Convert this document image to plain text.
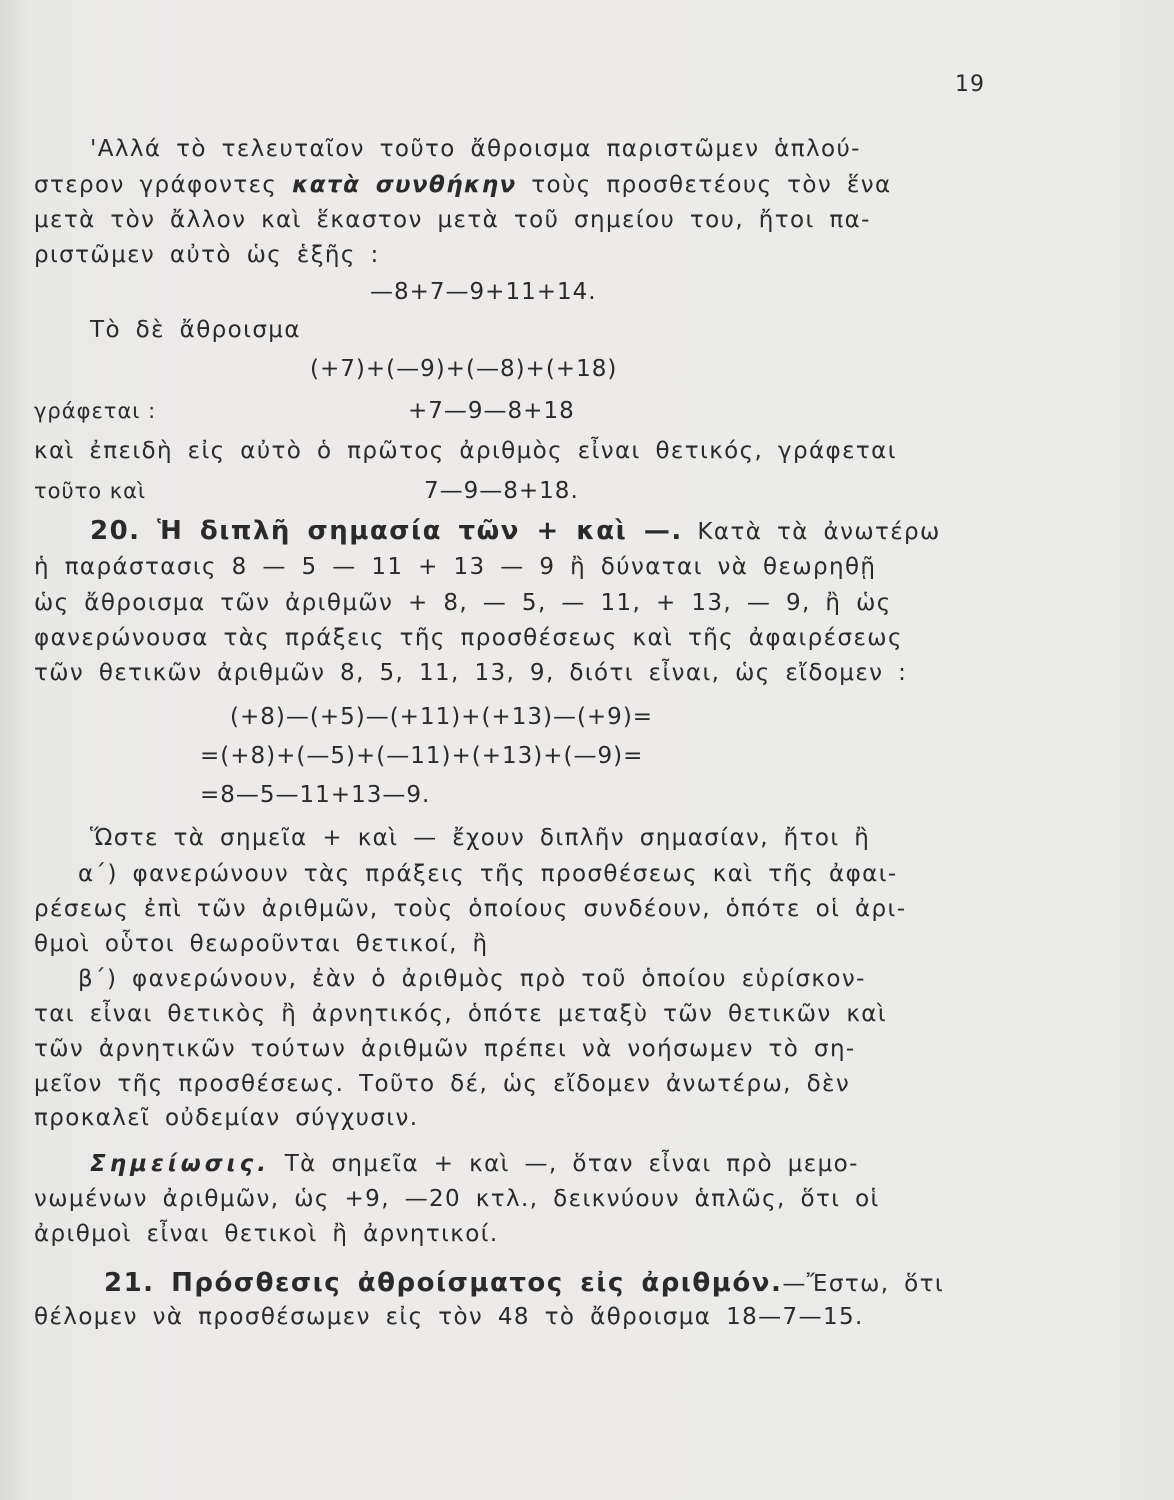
19
'Αλλά τὸ τελευταῖον τοῦτο ἄθροισμα παριστῶμεν ἁπλού-
στερον γράφοντες κατὰ συνθήκην τοὺς προσθετέους τὸν ἕνα
μετὰ τὸν ἄλλον καὶ ἕκαστον μετὰ τοῦ σημείου του, ἤτοι πα-
ριστῶμεν αὐτὸ ὡς ἑξῆς :
—8+7—9+11+14.
Τὸ δὲ ἄθροισμα
(+7)+(—9)+(—8)+(+18)
γράφεται :	+7—9—8+18
καὶ ἐπειδὴ εἰς αὐτὸ ὁ πρῶτος ἀριθμὸς εἶναι θετικός, γράφεται
τοῦτο καὶ	7—9—8+18.
20. Ἡ διπλῆ σημασία τῶν + καὶ —. Κατὰ τὰ ἀνωτέρω
ἡ παράστασις 8 — 5 — 11 + 13 — 9 ἢ δύναται νὰ θεωρηθῇ
ὡς ἄθροισμα τῶν ἀριθμῶν + 8, — 5, — 11, + 13, — 9, ἢ ὡς
φανερώνουσα τὰς πράξεις τῆς προσθέσεως καὶ τῆς ἀφαιρέσεως
τῶν θετικῶν ἀριθμῶν 8, 5, 11, 13, 9, διότι εἶναι, ὡς εἴδομεν :
(+8)—(+5)—(+11)+(+13)—(+9)=
=(+8)+(—5)+(—11)+(+13)+(—9)=
=8—5—11+13—9.
Ὥστε τὰ σημεῖα + καὶ — ἔχουν διπλῆν σημασίαν, ἤτοι ἢ
α΄) φανερώνουν τὰς πράξεις τῆς προσθέσεως καὶ τῆς ἀφαι-
ρέσεως ἐπὶ τῶν ἀριθμῶν, τοὺς ὁποίους συνδέουν, ὁπότε οἱ ἀρι-
θμοὶ οὗτοι θεωροῦνται θετικοί, ἢ
β΄) φανερώνουν, ἐὰν ὁ ἀριθμὸς πρὸ τοῦ ὁποίου εὑρίσκον-
ται εἶναι θετικὸς ἢ ἀρνητικός, ὁπότε μεταξὺ τῶν θετικῶν καὶ
τῶν ἀρνητικῶν τούτων ἀριθμῶν πρέπει νὰ νοήσωμεν τὸ ση-
μεῖον τῆς προσθέσεως. Τοῦτο δέ, ὡς εἴδομεν ἀνωτέρω, δὲν
προκαλεῖ οὐδεμίαν σύγχυσιν.
Σημείωσις. Τὰ σημεῖα + καὶ —, ὅταν εἶναι πρὸ μεμο-
νωμένων ἀριθμῶν, ὡς +9, —20 κτλ., δεικνύουν ἁπλῶς, ὅτι οἱ
ἀριθμοὶ εἶναι θετικοὶ ἢ ἀρνητικοί.
21. Πρόσθεσις ἀθροίσματος εἰς ἀριθμόν.—Ἔστω, ὅτι
θέλομεν νὰ προσθέσωμεν εἰς τὸν 48 τὸ ἄθροισμα 18—7—15.
